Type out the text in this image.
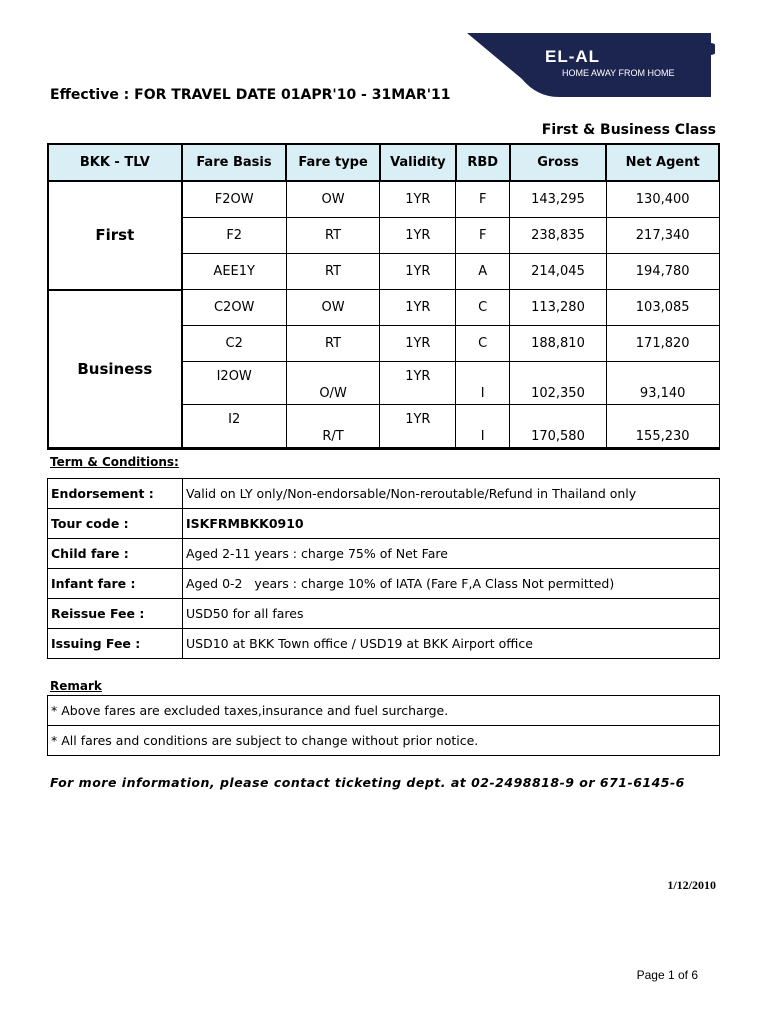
EL-AL
HOME AWAY FROM HOME
Effective : FOR TRAVEL DATE 01APR'10 - 31MAR'11
First & Business Class
BKK - TLV	Fare Basis	Fare type	Validity	RBD	Gross	Net Agent
First	F2OW	OW	1YR	F	143,295	130,400
	F2	RT	1YR	F	238,835	217,340
	AEE1Y	RT	1YR	A	214,045	194,780
Business	C2OW	OW	1YR	C	113,280	103,085
	C2	RT	1YR	C	188,810	171,820
	I2OW	O/W	1YR	I	102,350	93,140
	I2	R/T	1YR	I	170,580	155,230
Term & Conditions:
Endorsement :	Valid on LY only/Non-endorsable/Non-reroutable/Refund in Thailand only
Tour code :	ISKFRMBKK0910
Child fare :	Aged 2-11 years : charge 75% of Net Fare
Infant fare :	Aged 0-2   years : charge 10% of IATA (Fare F,A Class Not permitted)
Reissue Fee :	USD50 for all fares
Issuing Fee :	USD10 at BKK Town office / USD19 at BKK Airport office
Remark
* Above fares are excluded taxes,insurance and fuel surcharge.
* All fares and conditions are subject to change without prior notice.
For more information, please contact ticketing dept. at 02-2498818-9 or 671-6145-6
1/12/2010
Page 1 of 6
